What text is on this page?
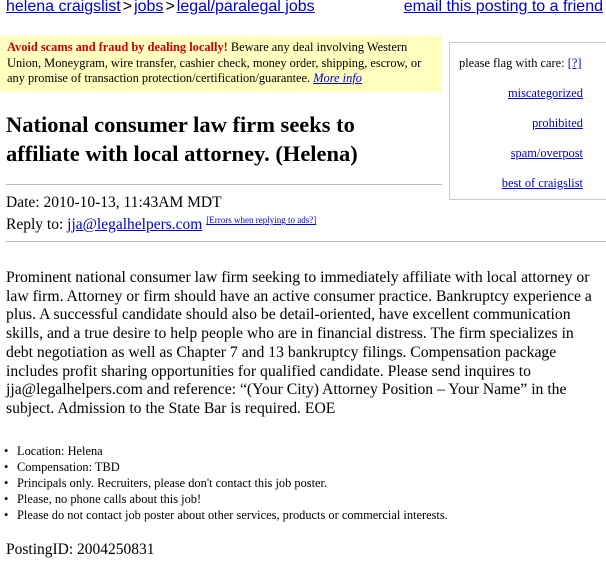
helena craigslist > jobs > legal/paralegal jobs	email this posting to a friend
Avoid scams and fraud by dealing locally! Beware any deal involving Western Union, Moneygram, wire transfer, cashier check, money order, shipping, escrow, or any promise of transaction protection/certification/guarantee. More info
please flag with care: [?]
miscategorized
prohibited
spam/overpost
best of craigslist
National consumer law firm seeks to affiliate with local attorney. (Helena)
Date: 2010-10-13, 11:43AM MDT
Reply to: jja@legalhelpers.com [Errors when replying to ads?]

Prominent national consumer law firm seeking to immediately affiliate with local attorney or law firm. Attorney or firm should have an active consumer practice. Bankruptcy experience a plus. A successful candidate should also be detail-oriented, have excellent communication skills, and a true desire to help people who are in financial distress. The firm specializes in debt negotiation as well as Chapter 7 and 13 bankruptcy filings. Compensation package includes profit sharing opportunities for qualified candidate. Please send inquires to jja@legalhelpers.com and reference: “(Your City) Attorney Position – Your Name” in the subject. Admission to the State Bar is required. EOE

• Location: Helena
• Compensation: TBD
• Principals only. Recruiters, please don't contact this job poster.
• Please, no phone calls about this job!
• Please do not contact job poster about other services, products or commercial interests.
PostingID: 2004250831
